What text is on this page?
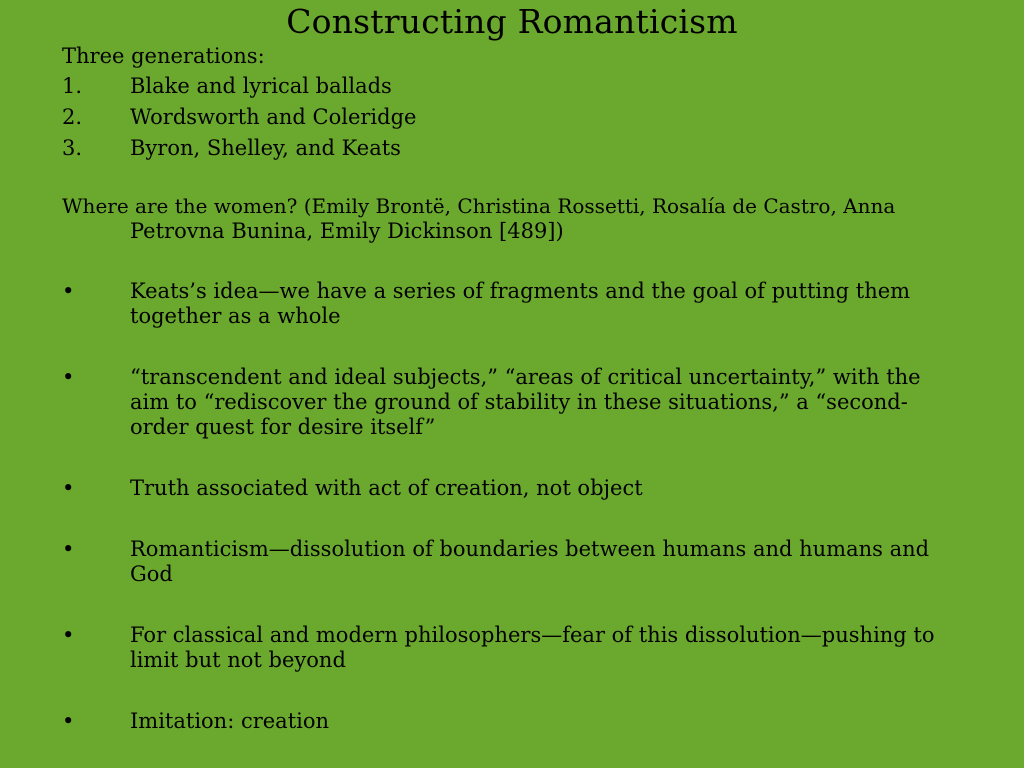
Constructing Romanticism
Three generations:
1.	Blake and lyrical ballads
2.	Wordsworth and Coleridge
3.	Byron, Shelley, and Keats
Where are the women? (Emily Brontë, Christina Rossetti, Rosalía de Castro, Anna
Petrovna Bunina, Emily Dickinson [489])
•	Keats’s idea—we have a series of fragments and the goal of putting them together as a whole
•	“transcendent and ideal subjects,” “areas of critical uncertainty,” with the aim to “rediscover the ground of stability in these situations,” a “second-order quest for desire itself”
•	Truth associated with act of creation, not object
•	Romanticism—dissolution of boundaries between humans and humans and God
•	For classical and modern philosophers—fear of this dissolution—pushing to limit but not beyond
•	Imitation: creation
